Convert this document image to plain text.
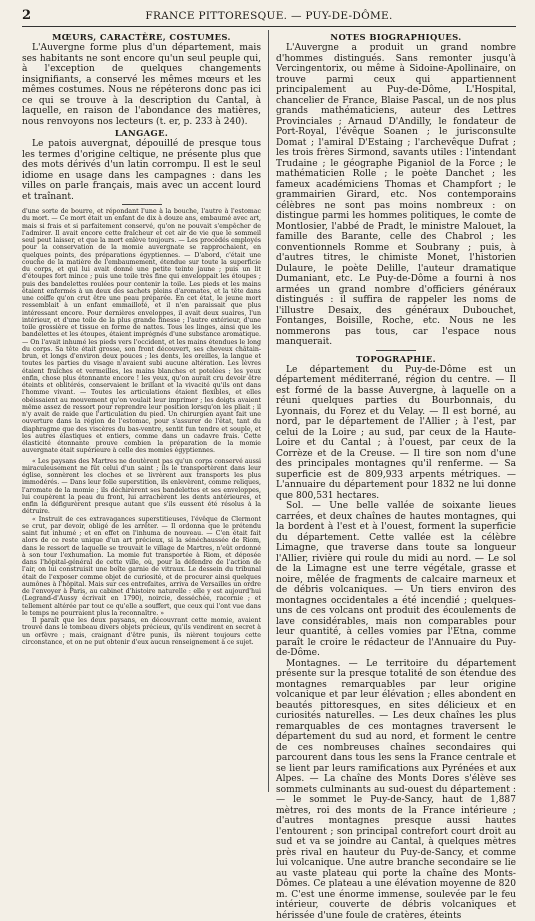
2	FRANCE PITTORESQUE. — PUY-DE-DÔME.
MŒURS, CARACTÈRE, COSTUMES.

L'Auvergne forme plus d'un département, mais ses habitants ne sont encore qu'un seul peuple qui, à l'exception de quelques changements insignifiants, a conservé les mêmes mœurs et les mêmes costumes. Nous ne répéterons donc pas ici ce qui se trouve à la description du Cantal, à laquelle, en raison de l'abondance des matières, nous renvoyons nos lecteurs (t. er, p. 233 à 240).

LANGAGE.

Le patois auvergnat, dépouillé de presque tous les termes d'origine celtique, ne présente plus que des mots dérivés d'un latin corrompu. Il est le seul idiome en usage dans les campagnes : dans les villes on parle français, mais avec un accent lourd et traînant.

d'une sorte de bourre, et répondant l'une à la bouche, l'autre à l'estomac du mort. — Ce mort était un enfant de dix à douze ans, embaumé avec art, mais si frais et si parfaitement conservé, qu'on ne pouvait s'empêcher de l'admirer. Il avait encore cette fraîcheur et cet air de vie que le sommeil seul peut laisser, et que la mort enlève toujours. — Les procédés employés pour la conservation de la momie auvergnate se rapprochaient, en quelques points, des préparations égyptiennes. — D'abord, c'était une couche de la matière de l'embaumement, étendue sur toute la superficie du corps, et qui lui avait donné une petite teinte jaune ; puis un lit d'étoupes fort mince ; puis une toile très fine qui enveloppait les étoupes ; puis des bandelettes roulées pour contenir la toile. Les pieds et les mains étaient enfermés à un deux des sachets pleins d'aromates, et la tête dans une coiffe qu'on crut être une peau préparée. En cet état, le jeune mort ressemblait à un enfant emmailloté, et il n'en paraissait que plus intéressant encore. Pour dernières enveloppes, il avait deux suaires, l'un intérieur, et d'une toile de la plus grande finesse ; l'autre extérieur, d'une toile grossière et tissue en forme de nattes. Tous les linges, ainsi que les bandelettes et les étoupes, étaient imprégnés d'une substance aromatique. — On l'avait inhumé les pieds vers l'occident, et les mains étendues le long du corps. Sa tête était grosse, son front découvert, ses cheveux châtain-brun, et longs d'environ deux pouces ; les dents, les oreilles, la langue et toutes les parties du visage n'avaient subi aucune altération. Les lèvres étaient fraîches et vermeilles, les mains blanches et potelées ; les yeux enfin, chose plus étonnante encore ! les yeux, qu'on aurait cru devoir être éteints et oblitérés, conservaient le brillant et la vivacité qu'ils ont dans l'homme vivant. — Toutes les articulations étaient flexibles, et elles obéissaient au mouvement qu'on voulait leur imprimer ; les doigts avaient même assez de ressort pour reprendre leur position lorsqu'on les pliait ; il n'y avait de raide que l'articulation du pied. Un chirurgien ayant fait une ouverture dans la région de l'estomac, pour s'assurer de l'état, tant du diaphragme que des viscères du bas-ventre, sentit fun tendre et souple, et les autres élastiques et entiers, comme dans un cadavre frais. Cette élasticité étonnante prouve combien la préparation de la momie auvergnate était supérieure à celle des momies égyptiennes.

« Les paysans des Martres ne doutèrent pas qu'un corps conservé aussi miraculeusement ne fût celui d'un saint ; ils le transportèrent dans leur église, sonnèrent les cloches et se livrèrent aux transports les plus immodérés. — Dans leur folle superstition, ils enlevèrent, comme reliques, l'aromate de la momie ; ils déchirèrent ses bandelettes et ses enveloppes, lui coupèrent la peau du front, lui arrachèrent les dents antérieures, et enfin la défigurèrent presque autant que s'ils eussent été résolus à la détruire.

« Instruit de ces extravagances superstitieuses, l'évêque de Clermont se crut, par devoir, obligé de les arrêter. — Il ordonna que le prétendu saint fut inhumé ; et en effet on l'inhuma de nouveau. — C'en était fait alors de ce reste unique d'un art précieux, si la sénéchaussée de Riom, dans le ressort de laquelle se trouvait le village de Martres, n'eût ordonné à son tour l'exhumation. La momie fut transportée à Riom, et déposée dans l'hôpital-général de cette ville, où, pour la défendre de l'action de l'air, on lui construisit une boîte garnie de vitraux. Le dessein du tribunal était de l'exposer comme objet de curiosité, et de procurer ainsi quelques aumônes à l'hôpital. Mais sur ces entrefaites, arriva de Versailles un ordre de l'envoyer à Paris, au cabinet d'histoire naturelle : elle y est aujourd'hui (Legrand-d'Aussy écrivait en 1790), noircie, desséchée, racornie ; et tellement altérée par tout ce qu'elle a souffert, que ceux qui l'ont vue dans le temps ne pourraient plus la reconnaître. »

Il paraît que les deux paysans, en découvrant cette momie, avaient trouvé dans le tombeau divers objets précieux, qu'ils vendirent en secret à un orfèvre ; mais, craignant d'être punis, ils nièrent toujours cette circonstance, et on ne put obtenir d'eux aucun renseignement à ce sujet.

NOTES BIOGRAPHIQUES.

L'Auvergne a produit un grand nombre d'hommes distingués. Sans remonter jusqu'à Vercingentorix, ou même à Sidoine-Apollinaire, on trouve parmi ceux qui appartiennent principalement au Puy-de-Dôme, L'Hospital, chancelier de France, Blaise Pascal, un de nos plus grands mathématiciens, auteur des Lettres Provinciales ; Arnaud D'Andilly, le fondateur de Port-Royal, l'évêque Soanen ; le jurisconsulte Domat ; l'amiral D'Estaing ; l'archevêque Dufrat ; les trois frères Sirmond, savants utiles : l'intendant Trudaine ; le géographe Piganiol de la Force ; le mathématicien Rolle ; le poète Danchet ; les fameux académiciens Thomas et Champfort ; le grammairien Girard, etc. Nos contemporains célèbres ne sont pas moins nombreux : on distingue parmi les hommes politiques, le comte de Montlosier, l'abbé de Pradt, le ministre Malouet, la famille des Barante, celle des Chabrol ; les conventionnels Romme et Soubrany ; puis, à d'autres titres, le chimiste Monet, l'historien Dulaure, le poète Delille, l'auteur dramatique Dumaniant, etc. Le Puy-de-Dôme a fourni à nos armées un grand nombre d'officiers généraux distingués : il suffira de rappeler les noms de l'illustre Desaix, des généraux Dubouchet, Fontanges, Boisille, Roche, etc. Nous ne les nommerons pas tous, car l'espace nous manquerait.

TOPOGRAPHIE.

Le département du Puy-de-Dôme est un département méditerrané, région du centre. — Il est formé de la basse Auvergne, à laquelle on a réuni quelques parties du Bourbonnais, du Lyonnais, du Forez et du Velay. — Il est borné, au nord, par le département de l'Allier ; à l'est, par celui de la Loire ; au sud, par ceux de la Haute-Loire et du Cantal ; à l'ouest, par ceux de la Corrèze et de la Creuse. — Il tire son nom d'une des principales montagnes qu'il renferme. — Sa superficie est de 809,933 arpents métriques. — L'annuaire du département pour 1832 ne lui donne que 800,531 hectares.

Sol. — Une belle vallée de soixante lieues carrées, et deux chaînes de hautes montagnes, qui la bordent à l'est et à l'ouest, forment la superficie du département. Cette vallée est la célèbre Limagne, que traverse dans toute sa longueur l'Allier, rivière qui roule du midi au nord. — Le sol de la Limagne est une terre végétale, grasse et noire, mêlée de fragments de calcaire marneux et de débris volcaniques. — Un tiers environ des montagnes occidentales a été incendié ; quelques-uns de ces volcans ont produit des écoulements de lave considérables, mais non comparables pour leur quantité, à celles vomies par l'Etna, comme paraît le croire le rédacteur de l'Annuaire du Puy-de-Dôme.

Montagnes. — Le territoire du département présente sur la presque totalité de son étendue des montagnes remarquables par leur origine volcanique et par leur élévation ; elles abondent en beautés pittoresques, en sites délicieux et en curiosités naturelles. — Les deux chaînes les plus remarquables de ces montagnes traversent le département du sud au nord, et forment le centre de ces nombreuses chaînes secondaires qui parcourent dans tous les sens la France centrale et se lient par leurs ramifications aux Pyrénées et aux Alpes. — La chaîne des Monts Dores s'élève ses sommets culminants au sud-ouest du département : — le sommet le Puy-de-Sancy, haut de 1,887 mètres, roi des monts de la France intérieure ; d'autres montagnes presque aussi hautes l'entourent ; son principal contrefort court droit au sud et va se joindre au Cantal, à quelques mètres près rival en hauteur du Puy-de-Sancy, et comme lui volcanique. Une autre branche secondaire se lie au vaste plateau qui porte la chaîne des Monts-Dômes. Ce plateau a une élévation moyenne de 820 m. C'est une énorme immense, soulevée par le feu intérieur, couverte de débris volcaniques et hérissée d'une foule de cratères, éteints
